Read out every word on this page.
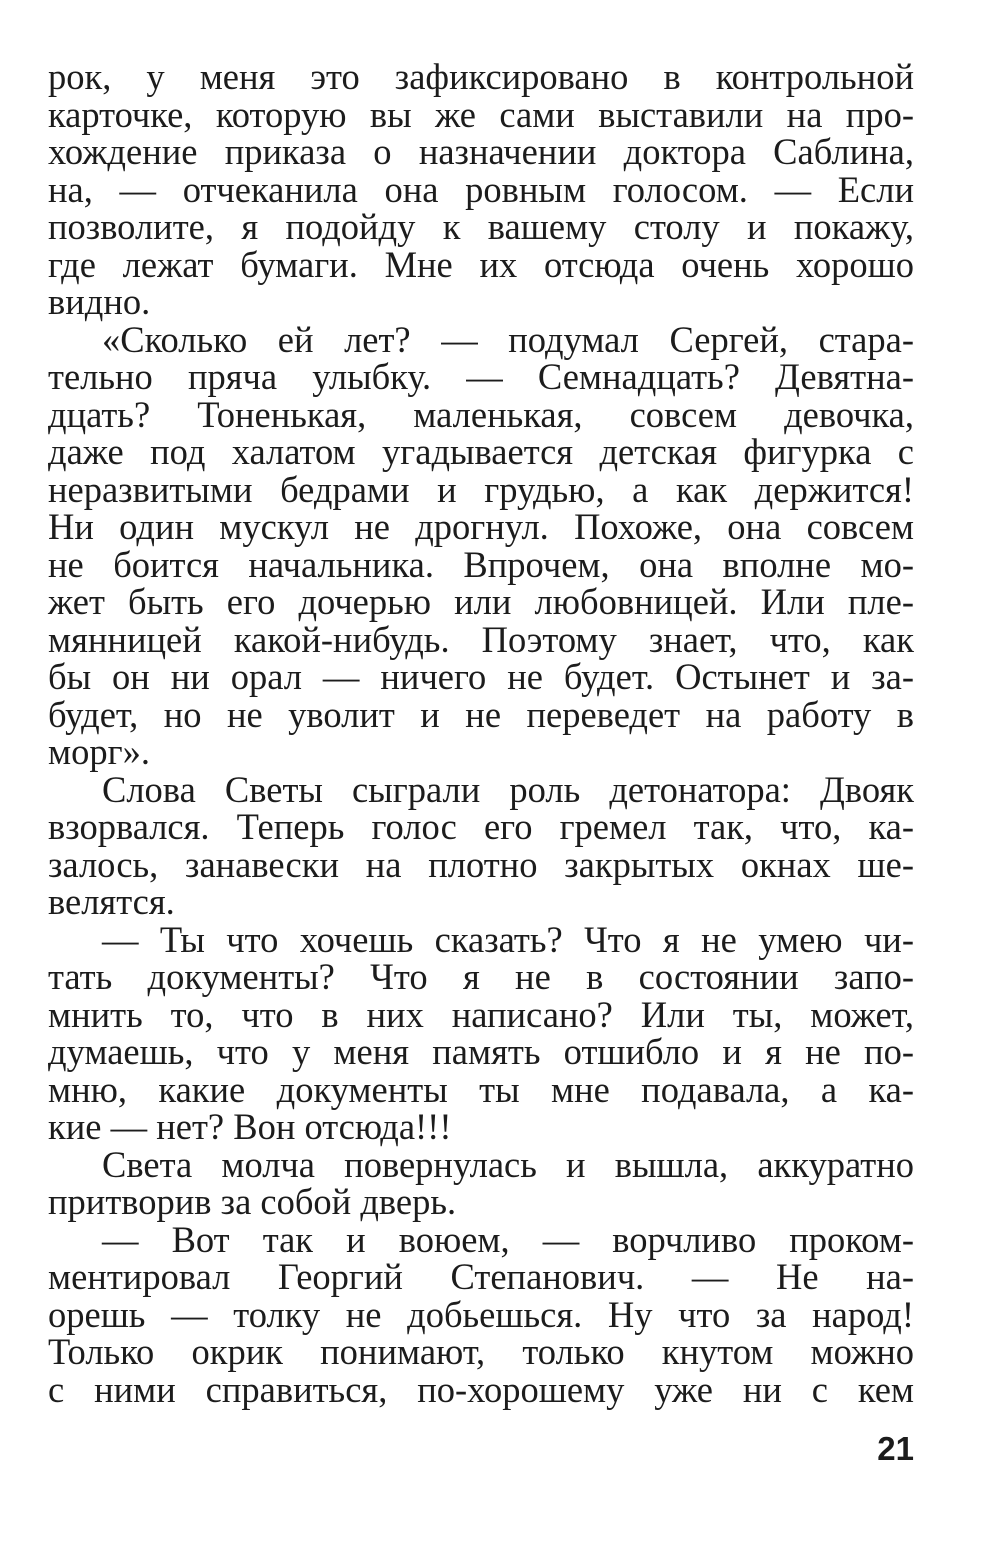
рок, у меня это зафиксировано в контрольной
карточке, которую вы же сами выставили на про-
хождение приказа о назначении доктора Саблинa,
на, — отчеканила она ровным голосом. — Если
позволите, я подойду к вашему столу и покажу,
где лежат бумаги. Мне их отсюда очень хорошо
видно.
«Сколько ей лет? — подумал Сергей, стара-
тельно пряча улыбку. — Семнадцать? Девятна-
дцать? Тоненькая, маленькая, совсем девочка,
даже под халатом угадывается детская фигурка с
неразвитыми бедрами и грудью, а как держится!
Ни один мускул не дрогнул. Похоже, она совсем
не боится начальника. Впрочем, она вполне мо-
жет быть его дочерью или любовницей. Или пле-
мянницей какой-нибудь. Поэтому знает, что, как
бы он ни орал — ничего не будет. Остынет и за-
будет, но не уволит и не переведет на работу в
морг».
Слова Светы сыграли роль детонатора: Двояк
взорвался. Теперь голос его гремел так, что, ка-
залось, занавески на плотно закрытых окнах ше-
велятся.
— Ты что хочешь сказать? Что я не умею чи-
тать документы? Что я не в состоянии запо-
мнить то, что в них написано? Или ты, может,
думаешь, что у меня память отшибло и я не по-
мню, какие документы ты мне подавала, а ка-
кие — нет? Вон отсюда!!!
Света молча повернулась и вышла, аккуратно
притворив за собой дверь.
— Вот так и воюем, — ворчливо проком-
ментировал Георгий Степанович. — Не на-
орешь — толку не добьешься. Ну что за народ!
Только окрик понимают, только кнутом можно
с ними справиться, по-хорошему уже ни с кем
21
